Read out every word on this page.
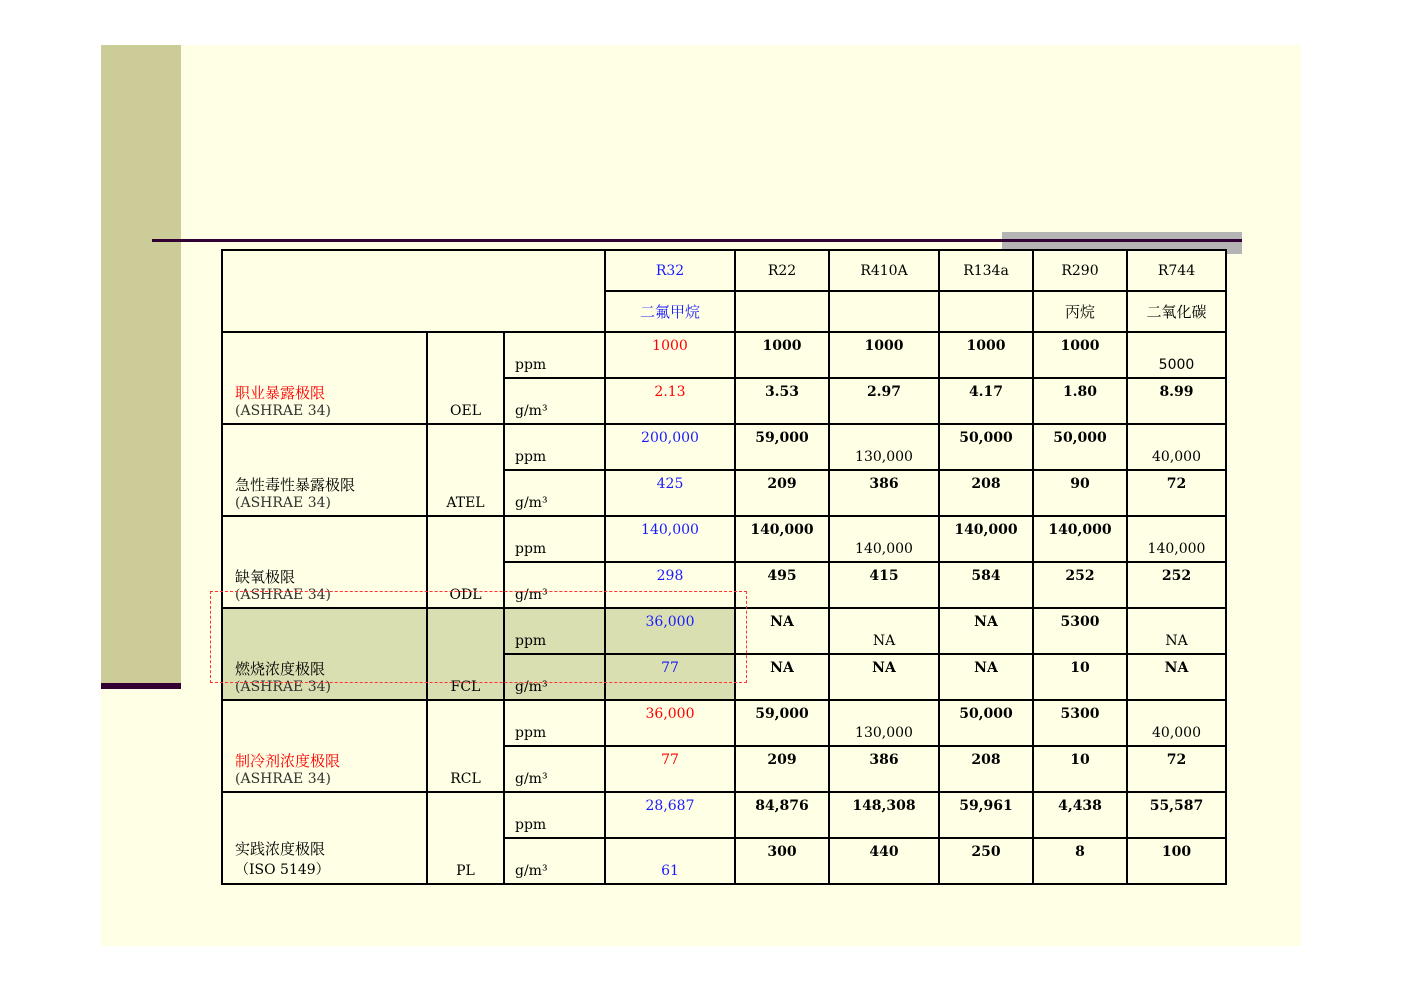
			R32	R22	R410A	R134a	R290	R744
			二氟甲烷				丙烷	二氧化碳

职业暴露极限
(ASHRAE 34)	OEL	ppm	1000	1000	1000	1000	1000	5000
		g/m³	2.13	3.53	2.97	4.17	1.80	8.99

急性毒性暴露极限
(ASHRAE 34)	ATEL	ppm	200,000	59,000	130,000	50,000	50,000	40,000
		g/m³	425	209	386	208	90	72

缺氧极限
(ASHRAE 34)	ODL	ppm	140,000	140,000	140,000	140,000	140,000	140,000
		g/m³	298	495	415	584	252	252

燃烧浓度极限
(ASHRAE 34)	FCL	ppm	36,000	NA	NA	NA	5300	NA
		g/m³	77	NA	NA	NA	10	NA

制冷剂浓度极限
(ASHRAE 34)	RCL	ppm	36,000	59,000	130,000	50,000	5300	40,000
		g/m³	77	209	386	208	10	72

实践浓度极限
（ISO 5149）	PL	ppm	28,687	84,876	148,308	59,961	4,438	55,587
		g/m³	61	300	440	250	8	100
